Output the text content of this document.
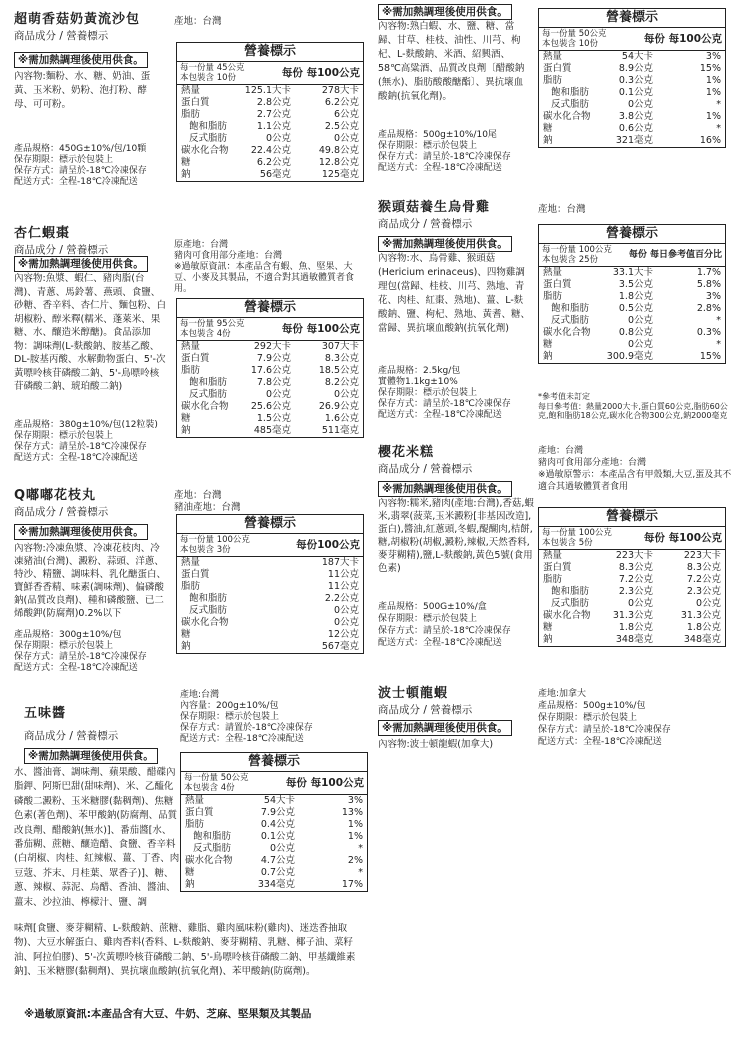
超萌香菇奶黃流沙包
商品成分 / 營養標示
產地：台灣
※需加熱調理後使用供食。
內容物:麵粉、水、糖、奶油、蛋黃、玉米粉、奶粉、泡打粉、酵母、可可粉。
產品規格：450G±10%/包/10顆
保存期限：標示於包裝上
保存方式：請呈於-18℃冷凍保存
配送方式：全程-18℃冷凍配送
營養標示
每一份量 45公克
本包裝含 10份	每份 每100公克
熱量	125.1大卡	278大卡
蛋白質	2.8公克	6.2公克
脂肪	2.7公克	6公克
飽和脂肪	1.1公克	2.5公克
反式脂肪	0公克	0公克
碳水化合物	22.4公克	49.8公克
糖	6.2公克	12.8公克
鈉	56毫克	125毫克
※需加熱調理後使用供食。
內容物:熟白蝦、水、鹽、糖、當歸、甘草、桂枝、油性、川芎、枸杞、L-麩酸鈉、米酒、紹興酒、58℃高粱酒、品質改良劑〔醋酸鈉(無水)、脂肪酸酸醣酯〕、異抗壞血酸鈉(抗氧化劑)。
產品規格：500g±10%/10尾
保存期限：標示於包裝上
保存方式：請呈於-18℃冷凍保存
配送方式：全程-18℃冷凍配送
營養標示
每一份量 50公克
本包裝含 10份	每份 每100公克
熱量	54大卡	3%
蛋白質	8.9公克	15%
脂肪	0.3公克	1%
飽和脂肪	0.1公克	1%
反式脂肪	0公克	*
碳水化合物	3.8公克	1%
糖	0.6公克	*
鈉	321毫克	16%
杏仁蝦棗
商品成分 / 營養標示	原產地：台灣
豬肉可食用部分產地：台灣
※過敏原資訊：本產品含有蝦、魚、堅果、大豆、小麥及其製品，不適合對其過敏體質者食用。
※需加熱調理後使用供食。
內容物:魚漿、蝦仁、豬肉脂(台灣)、青蔥、馬鈴薯、燕頭、食鹽、砂糖、香辛料、杏仁片、麵包粉、白胡椒粉、醇米釋(糯米、蓬萊米、果糖、水、釀造米醇醣)。食品添加物：調味劑(L-麩酸鈉、胺基乙酸、DL-胺基丙酸、水解動物蛋白、5'-次黃嘌呤核苷磷酸二鈉、5'-鳥嘌呤核苷磷酸二鈉、琥珀酸二鈉)
產品規格：380g±10%/包(12粒裝)
保存期限：標示於包裝上
保存方式：請呈於-18℃冷凍保存
配送方式：全程-18℃冷凍配送
營養標示
每一份量 95公克
本包裝含 4份	每份 每100公克
熱量	292大卡	307大卡
蛋白質	7.9公克	8.3公克
脂肪	17.6公克	18.5公克
飽和脂肪	7.8公克	8.2公克
反式脂肪	0公克	0公克
碳水化合物	25.6公克	26.9公克
糖	1.5公克	1.6公克
鈉	485毫克	511毫克
猴頭菇養生烏骨雞
商品成分 / 營養標示
產地：台灣
※需加熱調理後使用供食。
內容物:水、烏骨雞、猴頭菇(Hericium erinaceus)、四物雞調理包(當歸、桂枝、川芎、熟地、青花、肉桂、紅棗、熟地)、薑、L-麩酸鈉、鹽、枸杞、熟地、黃耆、糖、當歸、異抗壞血酸鈉(抗氧化劑)
產品規格：2.5kg/包
實體物1.1kg±10%
保存期限：標示於包裝上
保存方式：請呈於-18℃冷凍保存
配送方式：全程-18℃冷凍配送
營養標示
每一份量 100公克
本包裝含 25份	每份 每日參考值百分比
熱量	33.1大卡	1.7%
蛋白質	3.5公克	5.8%
脂肪	1.8公克	3%
飽和脂肪	0.5公克	2.8%
反式脂肪	0公克	*
碳水化合物	0.8公克	0.3%
糖	0公克	*
鈉	300.9毫克	15%
*參考值未訂定
每日參考值：熱量2000大卡,蛋白質60公克,脂肪60公克,飽和脂肪18公克,碳水化合物300公克,鈉2000毫克
Q嘟嘟花枝丸
商品成分 / 營養標示
產地：台灣
豬油產地：台灣
※需加熱調理後使用供食。
內容物:冷凍魚漿、冷凍花枝肉、冷凍豬油(台灣)、澱粉、蒜頭、洋蔥、特沙、精鹽、調味料、乳化醣蛋白、寶鮮香香精、味素(調味劑)、偏磷酸鈉(品質改良劑)、種和磷酸鹽、已二烯酸鉀(防腐劑)0.2%以下
產品規格：300g±10%/包
保存期限：標示於包裝上
保存方式：請呈於-18℃冷凍保存
配送方式：全程-18℃冷凍配送
營養標示
每一份量 100公克
本包裝含 3份	每份100公克
熱量	187大卡
蛋白質	11公克
脂肪	11公克
飽和脂肪	2.2公克
反式脂肪	0公克
碳水化合物	0公克
糖	12公克
鈉	567毫克
櫻花米糕
商品成分 / 營養標示
產地：台灣
豬肉可食用部分產地：台灣
※過敏原警示：本產品含有甲殼類,大豆,蛋及其不適合其過敏體質者食用
※需加熱調理後使用供食。
內容物:糯米,豬肉(產地:台灣),香菇,蝦米,翡翠(菠菜,玉米澱粉[非基因改造],蛋白),醬油,紅蔥頭,冬蝦,醍醐肉,桔餅,糖,胡椒粉(胡椒,澱粉,辣椒,天然香料,麥芽糊精),鹽,L-麩酸鈉,黃色5號(食用色素)
產品規格：500G±10%/盒
保存期限：標示於包裝上
保存方式：請呈於-18℃冷凍保存
配送方式：全程-18℃冷凍配送
營養標示
每一份量 100公克
本包裝含 5份	每份 每100公克
熱量	223大卡	223大卡
蛋白質	8.3公克	8.3公克
脂肪	7.2公克	7.2公克
飽和脂肪	2.3公克	2.3公克
反式脂肪	0公克	0公克
碳水化合物	31.3公克	31.3公克
糖	1.8公克	1.8公克
鈉	348毫克	348毫克
五味醬
商品成分 / 營養標示
產地:台灣
內容量：200g±10%/包
保存期限：標示於包裝上
保存方式：請置於-18℃冷凍保存
配送方式：全程-18℃冷凍配送
※需加熱調理後使用供食。
水、醬油膏、調味劑、蘋果酸、醋碟內脂鉀、阿斯巴甜(甜味劑)、米、乙醯化磷酸二澱粉、玉米糖膠(黏稠劑)、焦糖色素(著色劑)、苯甲酸鈉(防腐劑、品質改良劑、醋酸鈉(無水)]、番茄醬[水、番茄糊、蔗糖、釀造醋、食鹽、香辛料(白胡椒、肉桂、紅辣椒、薑、丁香、肉豆蔻、芥末、月桂葉、眾香子)]、糖、蔥、辣椒、蒜泥、烏醋、香油、醬油、薑末、沙拉油、檸檬汁、鹽、調
味劑[食鹽、麥芽糊精、L-麩酸鈉、蔗糖、雞脂、雞肉風味粉(雞肉)、迷迭香抽取物)、大豆水解蛋白、雞肉香料(香料、L-麩酸鈉、麥芽糊精、乳糖、椰子油、菜籽油、阿拉伯膠)、5'-次黃嘌呤核苷磷酸二鈉、5'-鳥嘌呤核苷磷酸二鈉、甲基纖維素鈉]、玉米糖膠(黏稠劑)、異抗壞血酸鈉(抗氧化劑)、苯甲酸鈉(防腐劑)。
※過敏原資訊:本產品含有大豆、牛奶、芝麻、堅果類及其製品
營養標示
每一份量 50公克
本包裝含 4份	每份 每100公克
熱量	54大卡	3%
蛋白質	7.9公克	13%
脂肪	0.4公克	1%
飽和脂肪	0.1公克	1%
反式脂肪	0公克	*
碳水化合物	4.7公克	2%
糖	0.7公克	*
鈉	334毫克	17%
波士頓龍蝦
商品成分 / 營養標示
※需加熱調理後使用供食。
內容物:波士頓龍蝦(加拿大)
產地:加拿大
產品規格：500g±10%/包
保存期限：標示於包裝上
保存方式：請呈於-18℃冷凍保存
配送方式：全程-18℃冷凍配送
